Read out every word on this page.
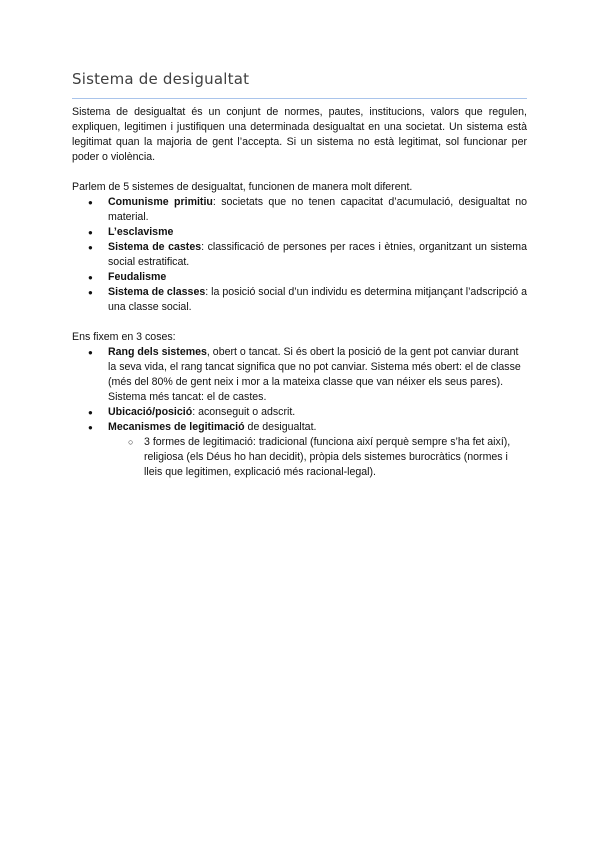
Sistema de desigualtat

Sistema de desigualtat és un conjunt de normes, pautes, institucions, valors que regulen, expliquen, legitimen i justifiquen una determinada desigualtat en una societat. Un sistema està legitimat quan la majoria de gent l’accepta. Si un sistema no està legitimat, sol funcionar per poder o violència.

Parlem de 5 sistemes de desigualtat, funcionen de manera molt diferent.

● Comunisme primitiu: societats que no tenen capacitat d’acumulació, desigualtat no material.
● L’esclavisme
● Sistema de castes: classificació de persones per races i ètnies, organitzant un sistema social estratificat.
● Feudalisme
● Sistema de classes: la posició social d’un individu es determina mitjançant l’adscripció a una classe social.

Ens fixem en 3 coses:

● Rang dels sistemes, obert o tancat. Si és obert la posició de la gent pot canviar durant la seva vida, el rang tancat significa que no pot canviar. Sistema més obert: el de classe (més del 80% de gent neix i mor a la mateixa classe que van néixer els seus pares). Sistema més tancat: el de castes.
● Ubicació/posició: aconseguit o adscrit.
● Mecanismes de legitimació de desigualtat.
○ 3 formes de legitimació: tradicional (funciona així perquè sempre s’ha fet així), religiosa (els Déus ho han decidit), pròpia dels sistemes burocràtics (normes i lleis que legitimen, explicació més racional-legal).
